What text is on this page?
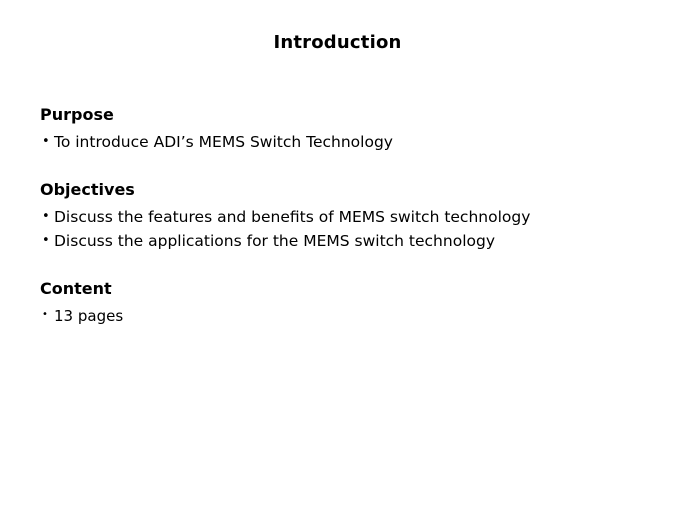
Introduction
Purpose
• To introduce ADI’s MEMS Switch Technology
Objectives
• Discuss the features and benefits of MEMS switch technology
• Discuss the applications for the MEMS switch technology
Content
• 13 pages
